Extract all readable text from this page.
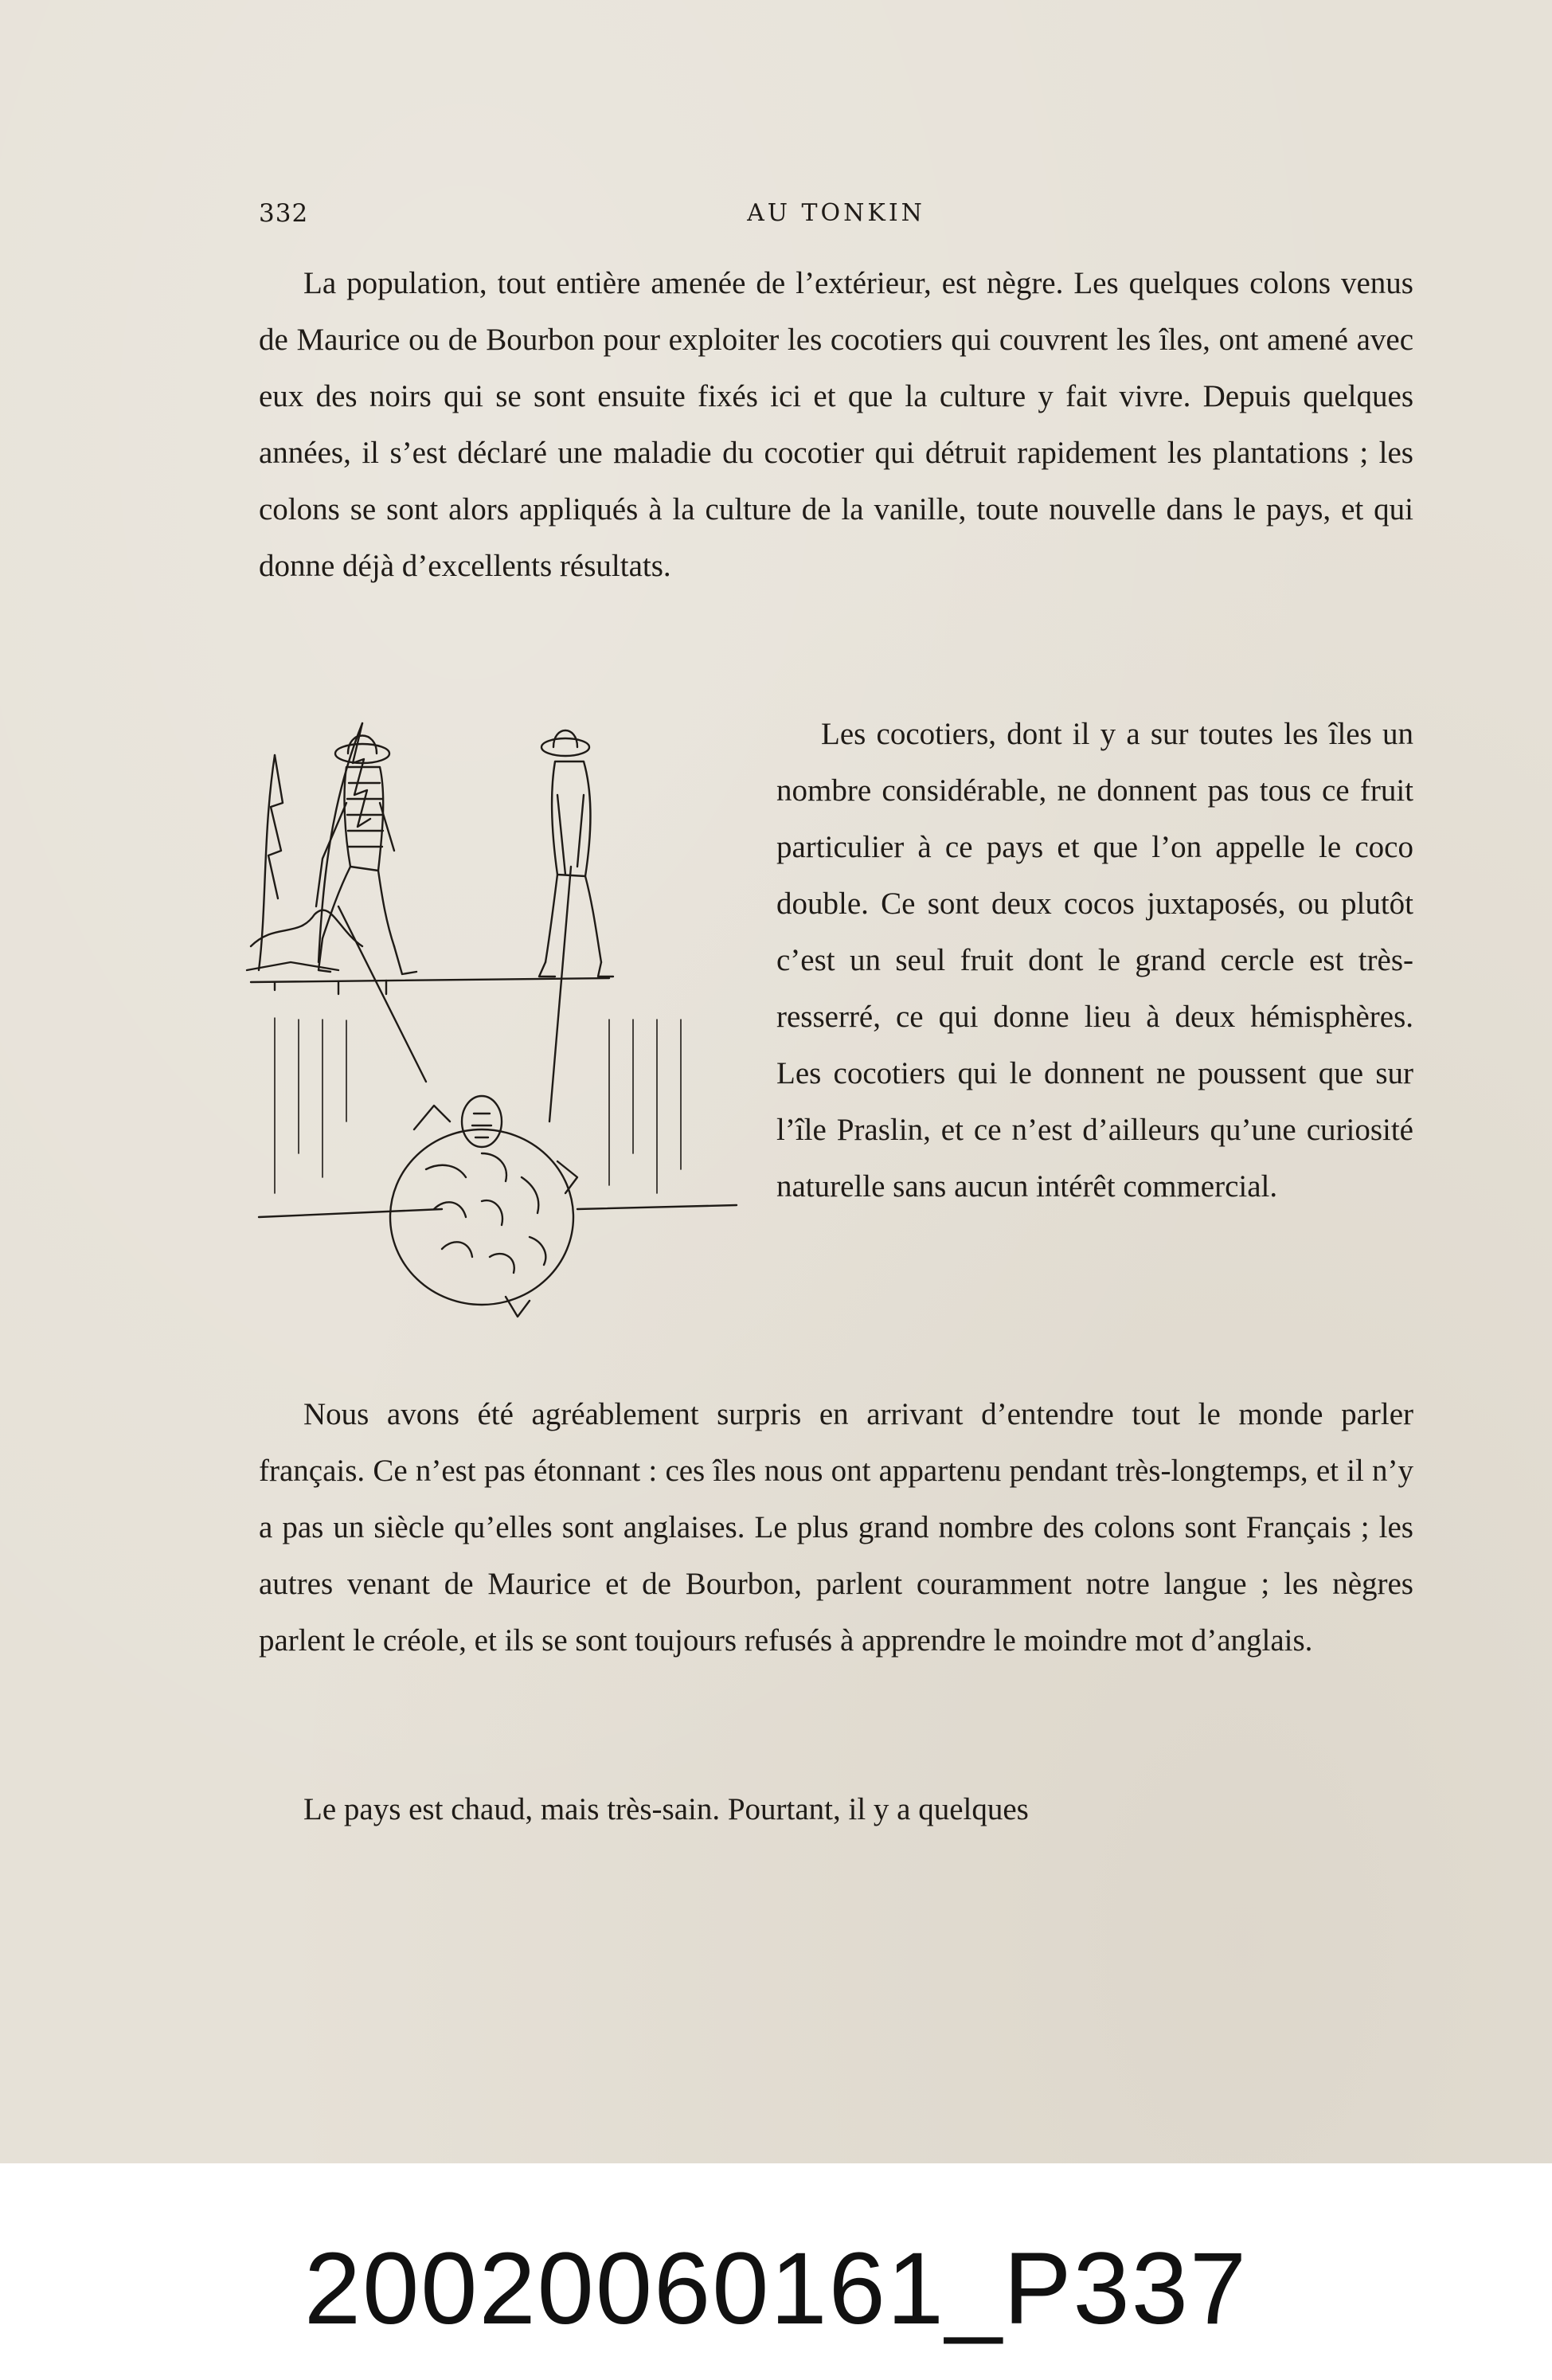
332	AU TONKIN

La population, tout entière amenée de l’extérieur, est nègre. Les quelques colons venus de Maurice ou de Bourbon pour exploiter les cocotiers qui couvrent les îles, ont amené avec eux des noirs qui se sont ensuite fixés ici et que la culture y fait vivre. Depuis quelques années, il s’est déclaré une maladie du cocotier qui détruit rapidement les plantations ; les colons se sont alors appliqués à la culture de la vanille, toute nouvelle dans le pays, et qui donne déjà d’excellents résultats.

Les cocotiers, dont il y a sur toutes les îles un nombre considérable, ne donnent pas tous ce fruit particulier à ce pays et que l’on appelle le coco double. Ce sont deux cocos juxtaposés, ou plutôt c’est un seul fruit dont le grand cercle est très-resserré, ce qui donne lieu à deux hémisphères. Les cocotiers qui le donnent ne poussent que sur l’île Praslin, et ce n’est d’ailleurs qu’une curiosité naturelle sans aucun intérêt commercial.

Nous avons été agréablement surpris en arrivant d’entendre tout le monde parler français. Ce n’est pas étonnant : ces îles nous ont appartenu pendant très-longtemps, et il n’y a pas un siècle qu’elles sont anglaises. Le plus grand nombre des colons sont Français ; les autres venant de Maurice et de Bourbon, parlent couramment notre langue ; les nègres parlent le créole, et ils se sont toujours refusés à apprendre le moindre mot d’anglais.

Le pays est chaud, mais très-sain. Pourtant, il y a quelques

20020060161_P337
